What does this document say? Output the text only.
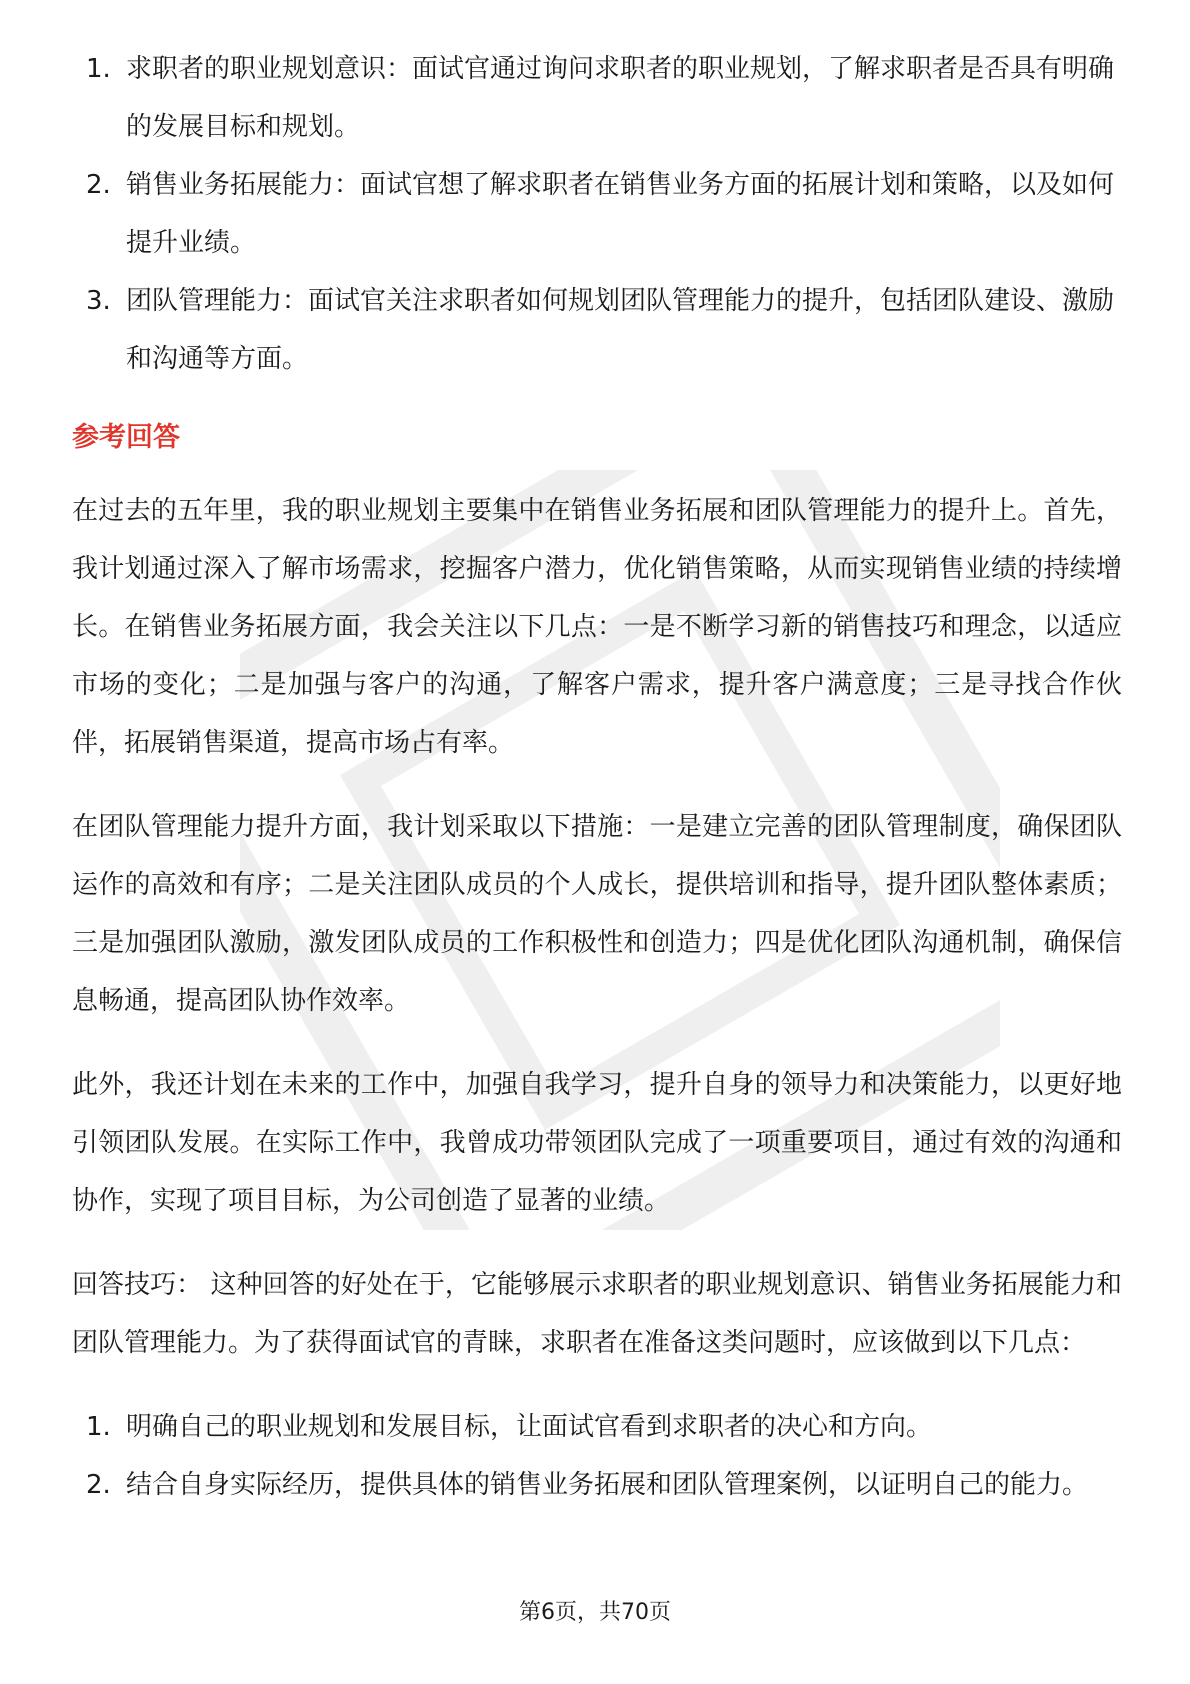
1. 求职者的职业规划意识：面试官通过询问求职者的职业规划，了解求职者是否具有明确的发展目标和规划。
2. 销售业务拓展能力：面试官想了解求职者在销售业务方面的拓展计划和策略，以及如何提升业绩。
3. 团队管理能力：面试官关注求职者如何规划团队管理能力的提升，包括团队建设、激励和沟通等方面。
参考回答

在过去的五年里，我的职业规划主要集中在销售业务拓展和团队管理能力的提升上。首先，我计划通过深入了解市场需求，挖掘客户潜力，优化销售策略，从而实现销售业绩的持续增长。在销售业务拓展方面，我会关注以下几点：一是不断学习新的销售技巧和理念，以适应市场的变化；二是加强与客户的沟通，了解客户需求，提升客户满意度；三是寻找合作伙伴，拓展销售渠道，提高市场占有率。

在团队管理能力提升方面，我计划采取以下措施：一是建立完善的团队管理制度，确保团队运作的高效和有序；二是关注团队成员的个人成长，提供培训和指导，提升团队整体素质；三是加强团队激励，激发团队成员的工作积极性和创造力；四是优化团队沟通机制，确保信息畅通，提高团队协作效率。

此外，我还计划在未来的工作中，加强自我学习，提升自身的领导力和决策能力，以更好地引领团队发展。在实际工作中，我曾成功带领团队完成了一项重要项目，通过有效的沟通和协作，实现了项目目标，为公司创造了显著的业绩。

回答技巧： 这种回答的好处在于，它能够展示求职者的职业规划意识、销售业务拓展能力和团队管理能力。为了获得面试官的青睐，求职者在准备这类问题时，应该做到以下几点：

1. 明确自己的职业规划和发展目标，让面试官看到求职者的决心和方向。
2. 结合自身实际经历，提供具体的销售业务拓展和团队管理案例，以证明自己的能力。
第6页，共70页
